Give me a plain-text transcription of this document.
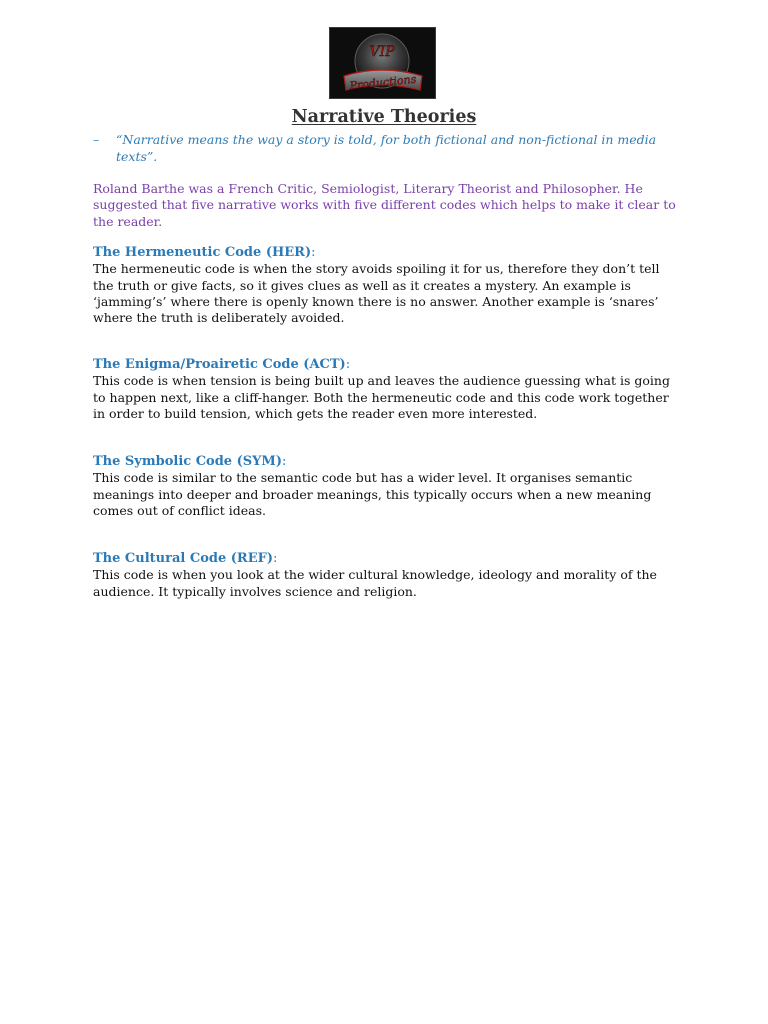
VIP
Productions
Narrative Theories
– “Narrative means the way a story is told, for both fictional and non-fictional in media texts”.
Roland Barthe was a French Critic, Semiologist, Literary Theorist and Philosopher. He suggested that five narrative works with five different codes which helps to make it clear to the reader.
The Hermeneutic Code (HER):
The hermeneutic code is when the story avoids spoiling it for us, therefore they don’t tell the truth or give facts, so it gives clues as well as it creates a mystery. An example is ‘jamming’s’ where there is openly known there is no answer. Another example is ‘snares’ where the truth is deliberately avoided.
The Enigma/Proairetic Code (ACT):
This code is when tension is being built up and leaves the audience guessing what is going to happen next, like a cliff-hanger. Both the hermeneutic code and this code work together in order to build tension, which gets the reader even more interested.
The Symbolic Code (SYM):
This code is similar to the semantic code but has a wider level. It organises semantic meanings into deeper and broader meanings, this typically occurs when a new meaning comes out of conflict ideas.
The Cultural Code (REF):
This code is when you look at the wider cultural knowledge, ideology and morality of the audience. It typically involves science and religion.
